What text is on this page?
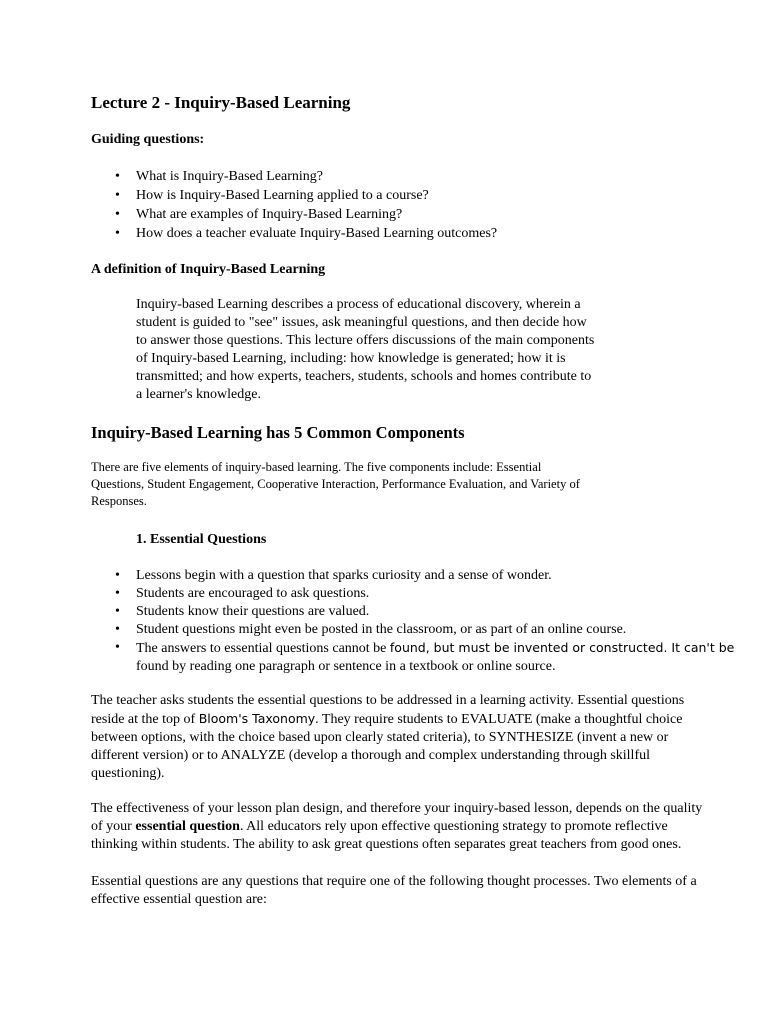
Lecture 2 - Inquiry-Based Learning
Guiding questions:
• What is Inquiry-Based Learning?
• How is Inquiry-Based Learning applied to a course?
• What are examples of Inquiry-Based Learning?
• How does a teacher evaluate Inquiry-Based Learning outcomes?
A definition of Inquiry-Based Learning
Inquiry-based Learning describes a process of educational discovery, wherein a
student is guided to "see" issues, ask meaningful questions, and then decide how
to answer those questions. This lecture offers discussions of the main components
of Inquiry-based Learning, including: how knowledge is generated; how it is
transmitted; and how experts, teachers, students, schools and homes contribute to
a learner's knowledge.
Inquiry-Based Learning has 5 Common Components
There are five elements of inquiry-based learning. The five components include: Essential
Questions, Student Engagement, Cooperative Interaction, Performance Evaluation, and Variety of
Responses.
1. Essential Questions
• Lessons begin with a question that sparks curiosity and a sense of wonder.
• Students are encouraged to ask questions.
• Students know their questions are valued.
• Student questions might even be posted in the classroom, or as part of an online course.
• The answers to essential questions cannot be found, but must be invented or constructed. It can't be
found by reading one paragraph or sentence in a textbook or online source.

The teacher asks students the essential questions to be addressed in a learning activity. Essential questions

reside at the top of Bloom's Taxonomy. They require students to EVALUATE (make a thoughtful choice

between options, with the choice based upon clearly stated criteria), to SYNTHESIZE (invent a new or

different version) or to ANALYZE (develop a thorough and complex understanding through skillful

questioning).

The effectiveness of your lesson plan design, and therefore your inquiry-based lesson, depends on the quality

of your essential question. All educators rely upon effective questioning strategy to promote reflective

thinking within students. The ability to ask great questions often separates great teachers from good ones.

Essential questions are any questions that require one of the following thought processes. Two elements of a

effective essential question are:
